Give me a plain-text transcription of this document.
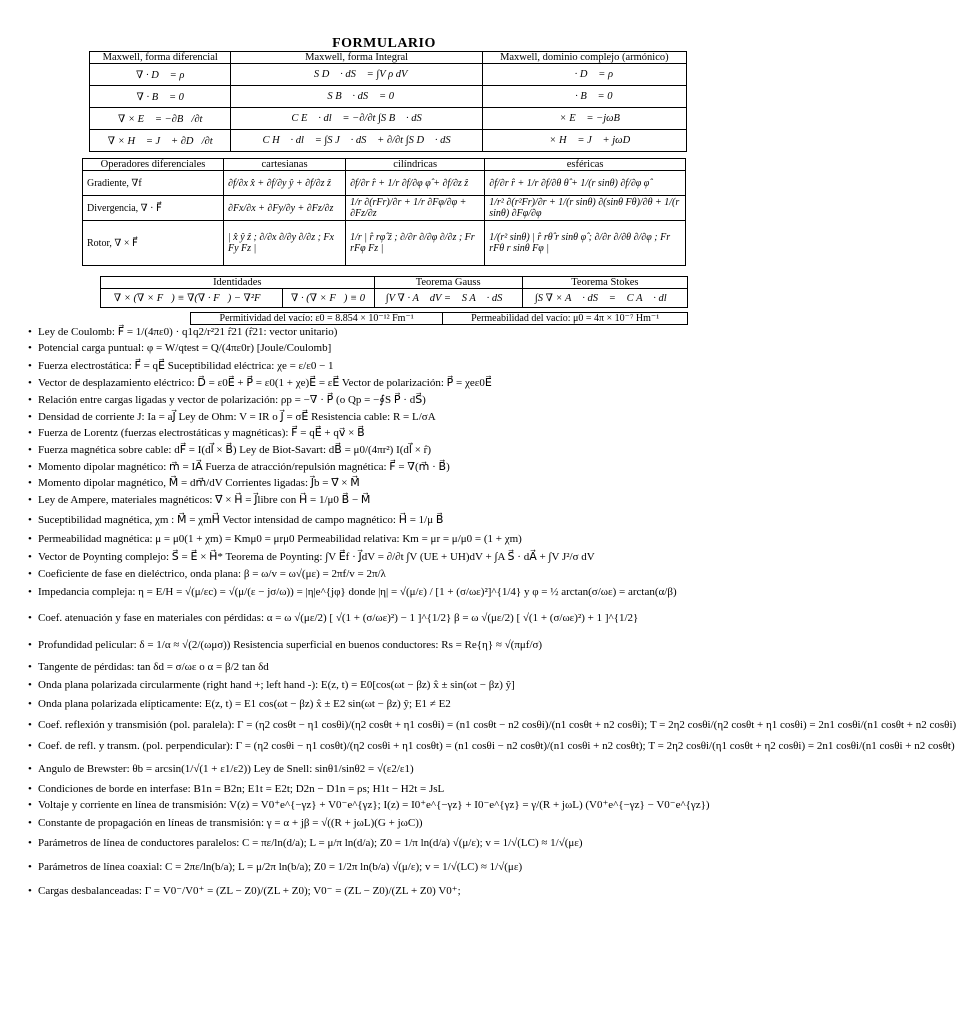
FORMULARIO
Maxwell, forma diferencial	Maxwell, forma Integral	Maxwell, dominio complejo (armónico)
∇ · D⃗ = ρ	∮S D⃗ · dS⃗ = ∫V ρ dV	∇⃗ · D⃗ = ρ
∇ · B⃗ = 0	∮S B⃗ · dS⃗ = 0	∇⃗ · B⃗ = 0
∇ × E⃗ = −∂B⃗/∂t	∮C E⃗ · dl⃗ = −∂/∂t ∫S B⃗ · dS⃗	∇⃗ × E⃗ = −jωB⃗
∇ × H⃗ = J⃗ + ∂D⃗/∂t	∮C H⃗ · dl⃗ = ∫S J⃗ · dS⃗ + ∂/∂t ∫S D⃗ · dS⃗	∇⃗ × H⃗ = J⃗ + jωD⃗
Operadores diferenciales	cartesianas	cilíndricas	esféricas
Gradiente, ∇f	∂f/∂x x̂ + ∂f/∂y ŷ + ∂f/∂z ẑ	∂f/∂r r̂ + 1/r ∂f/∂φ φ̂ + ∂f/∂z ẑ	∂f/∂r r̂ + 1/r ∂f/∂θ θ̂ + 1/(r sinθ) ∂f/∂φ φ̂
Divergencia, ∇ · F⃗	∂Fx/∂x + ∂Fy/∂y + ∂Fz/∂z	1/r ∂(rFr)/∂r + 1/r ∂Fφ/∂φ + ∂Fz/∂z	1/r² ∂(r²Fr)/∂r + 1/(r sinθ) ∂(sinθ Fθ)/∂θ + 1/(r sinθ) ∂Fφ/∂φ
Rotor, ∇ × F⃗	| x̂ ŷ ẑ ; ∂/∂x ∂/∂y ∂/∂z ; Fx Fy Fz |	1/r | r̂ rφ̂ ẑ ; ∂/∂r ∂/∂φ ∂/∂z ; Fr rFφ Fz |	1/(r² sinθ) | r̂ rθ̂ r sinθ φ̂ ; ∂/∂r ∂/∂θ ∂/∂φ ; Fr rFθ r sinθ Fφ |
Identidades		Teorema Gauss	Teorema Stokes
∇ × (∇ × F⃗) ≡ ∇(∇ · F⃗) − ∇²F⃗	∇ · (∇ × F⃗) ≡ 0	∫V ∇ · A⃗ dV = ∮S A⃗ · dS⃗	∫S ∇ × A⃗ · dS⃗ = ∮C A⃗ · dl⃗
Permitividad del vacío: ε0 = 8.854 × 10⁻¹² Fm⁻¹	Permeabilidad del vacío: μ0 = 4π × 10⁻⁷ Hm⁻¹
• Ley de Coulomb: F⃗ = 1/(4πε0) · q1q2/r²21 r̂21 (r̂21: vector unitario)
• Potencial carga puntual: φ = W/qtest = Q/(4πε0r) [Joule/Coulomb]
• Fuerza electrostática: F⃗ = qE⃗ Suceptibilidad eléctrica: χe = ε/ε0 − 1
• Vector de desplazamiento eléctrico: D⃗ = ε0E⃗ + P⃗ = ε0(1 + χe)E⃗ = εE⃗ Vector de polarización: P⃗ = χeε0E⃗
• Relación entre cargas ligadas y vector de polarización: ρp = −∇ · P⃗ (o Qp = −∮S P⃗ · dS⃗)
• Densidad de corriente J: Ia = aJ⃗ Ley de Ohm: V = IR o J⃗ = σE⃗ Resistencia cable: R = L/σA
• Fuerza de Lorentz (fuerzas electrostáticas y magnéticas): F⃗ = qE⃗ + qv⃗ × B⃗
• Fuerza magnética sobre cable: dF⃗ = I(dl⃗ × B⃗) Ley de Biot-Savart: dB⃗ = μ0/(4πr²) I(dl⃗ × r̂)
• Momento dipolar magnético: m⃗ = IA⃗ Fuerza de atracción/repulsión magnética: F⃗ = ∇(m⃗ · B⃗)
• Momento dipolar magnético, M⃗ = dm⃗/dV Corrientes ligadas: J⃗b = ∇⃗ × M⃗
• Ley de Ampere, materiales magnéticos: ∇⃗ × H⃗ = J⃗libre con H⃗ = 1/μ0 B⃗ − M⃗
• Suceptibilidad magnética, χm : M⃗ = χmH⃗ Vector intensidad de campo magnético: H⃗ = 1/μ B⃗
• Permeabilidad magnética: μ = μ0(1 + χm) = Kmμ0 = μrμ0 Permeabilidad relativa: Km = μr = μ/μ0 = (1 + χm)
• Vector de Poynting complejo: S⃗ = E⃗ × H⃗* Teorema de Poynting: ∫V E⃗f · J⃗dV = ∂/∂t ∫V (UE + UH)dV + ∫A S⃗ · dA⃗ + ∫V J²/σ dV
• Coeficiente de fase en dieléctrico, onda plana: β = ω/v = ω√(με) = 2πf/v = 2π/λ
• Impedancia compleja: η = E/H = √(μ/εc) = √(μ/(ε − jσ/ω)) = |η|e^{jφ} donde |η| = √(μ/ε) / [1 + (σ/ωε)²]^{1/4} y φ = ½ arctan(σ/ωε) = arctan(α/β)
• Coef. atenuación y fase en materiales con pérdidas: α = ω √(με/2) [ √(1 + (σ/ωε)²) − 1 ]^{1/2} β = ω √(με/2) [ √(1 + (σ/ωε)²) + 1 ]^{1/2}
• Profundidad pelicular: δ = 1/α ≈ √(2/(ωμσ)) Resistencia superficial en buenos conductores: Rs = Re{η} ≈ √(πμf/σ)
• Tangente de pérdidas: tan δd = σ/ωε o α = β/2 tan δd
• Onda plana polarizada circularmente (right hand +; left hand -): E(z, t) = E0[cos(ωt − βz) x̂ ± sin(ωt − βz) ŷ]
• Onda plana polarizada elípticamente: E(z, t) = E1 cos(ωt − βz) x̂ ± E2 sin(ωt − βz) ŷ; E1 ≠ E2
• Coef. reflexión y transmisión (pol. paralela): Γ = (η2 cosθt − η1 cosθi)/(η2 cosθt + η1 cosθi) = (n1 cosθt − n2 cosθi)/(n1 cosθt + n2 cosθi); T = 2η2 cosθi/(η2 cosθt + η1 cosθi) = 2n1 cosθi/(n1 cosθt + n2 cosθi)
• Coef. de refl. y transm. (pol. perpendicular): Γ = (η2 cosθi − η1 cosθt)/(η2 cosθi + η1 cosθt) = (n1 cosθi − n2 cosθt)/(n1 cosθi + n2 cosθt); T = 2η2 cosθi/(η1 cosθt + η2 cosθi) = 2n1 cosθi/(n1 cosθi + n2 cosθt)
• Angulo de Brewster: θb = arcsin(1/√(1 + ε1/ε2)) Ley de Snell: sinθ1/sinθ2 = √(ε2/ε1)
• Condiciones de borde en interfase: B1n = B2n; E1t = E2t; D2n − D1n = ρs; H1t − H2t = JsL
• Voltaje y corriente en línea de transmisión: V(z) = V0⁺e^{−γz} + V0⁻e^{γz}; I(z) = I0⁺e^{−γz} + I0⁻e^{γz} = γ/(R + jωL) (V0⁺e^{−γz} − V0⁻e^{γz})
• Constante de propagación en líneas de transmisión: γ = α + jβ = √((R + jωL)(G + jωC))
• Parámetros de línea de conductores paralelos: C = πε/ln(d/a); L = μ/π ln(d/a); Z0 = 1/π ln(d/a) √(μ/ε); v = 1/√(LC) ≈ 1/√(με)
• Parámetros de línea coaxial: C = 2πε/ln(b/a); L = μ/2π ln(b/a); Z0 = 1/2π ln(b/a) √(μ/ε); v = 1/√(LC) ≈ 1/√(με)
• Cargas desbalanceadas: Γ = V0⁻/V0⁺ = (ZL − Z0)/(ZL + Z0); V0⁻ = (ZL − Z0)/(ZL + Z0) V0⁺;
